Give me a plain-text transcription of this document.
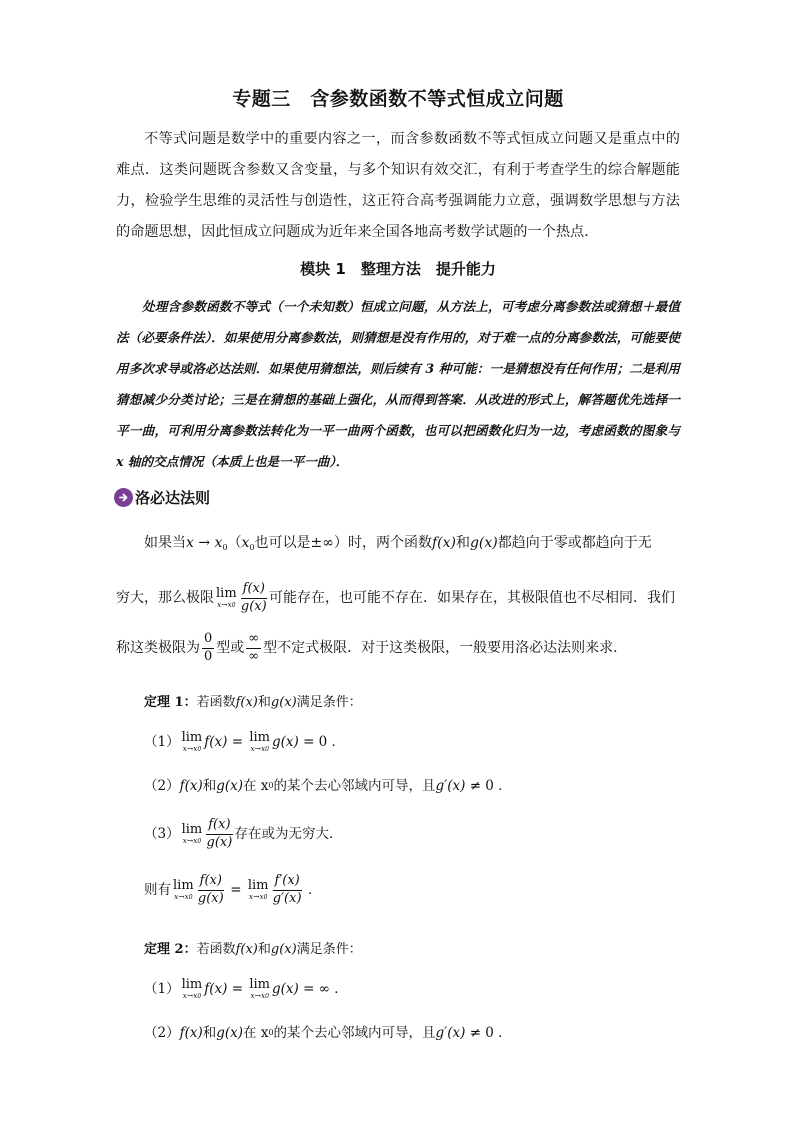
专题三　含参数函数不等式恒成立问题

不等式问题是数学中的重要内容之一，而含参数函数不等式恒成立问题又是重点中的难点．这类问题既含参数又含变量，与多个知识有效交汇，有利于考查学生的综合解题能力，检验学生思维的灵活性与创造性，这正符合高考强调能力立意，强调数学思想与方法的命题思想，因此恒成立问题成为近年来全国各地高考数学试题的一个热点．

模块 1　整理方法　提升能力

处理含参数函数不等式（一个未知数）恒成立问题，从方法上，可考虑分离参数法或猜想＋最值法（必要条件法）．如果使用分离参数法，则猜想是没有作用的，对于难一点的分离参数法，可能要使用多次求导或洛必达法则．如果使用猜想法，则后续有 3 种可能：一是猜想没有任何作用；二是利用猜想减少分类讨论；三是在猜想的基础上强化，从而得到答案．从改进的形式上，解答题优先选择一平一曲，可利用分离参数法转化为一平一曲两个函数，也可以把函数化归为一边，考虑函数的图象与 x 轴的交点情况（本质上也是一平一曲）．

洛必达法则

如果当$x \to x_0(x_0$也可以是±∞）时，两个函数f(x)和g(x)都趋向于零或都趋向于无

穷大，那么极限 lim
$x\to x0 \frac{f(x)}{g(x)}$ 可能存在，也可能不存在．如果存在，其极限值也不尽相同．我们

称这类极限为 $\frac{0}{0}$ 型或 $\frac{\infty}{\infty}$ 型不定式极限．对于这类极限，一般要用洛必达法则来求．

定理 1：若函数f(x)和g(x)满足条件：
（1） lim
x→x0 f(x) = lim
x→x0 g(x)
= 0 ．
（2） f(x) 和 g(x) 在 x 0 的某个去心邻域内可导，且 g′(x)
≠ 0 ．
（3） lim
$x\to x0 \frac{f(x)}{g(x)}$ 存在或为无穷大．
则有 lim
$x\to x0 \frac{f(x)}{g(x)} = \lim$
$x\to x0 \frac{f'(x)}{g'(x)}$ ．
定理 2：若函数f(x)和g(x)满足条件：
（1） lim
x→x0 f(x) = lim
x→x0 g(x)
= ∞ ．
（2） f(x) 和 g(x) 在 x 0 的某个去心邻域内可导，且 g′(x)
≠ 0 ．
